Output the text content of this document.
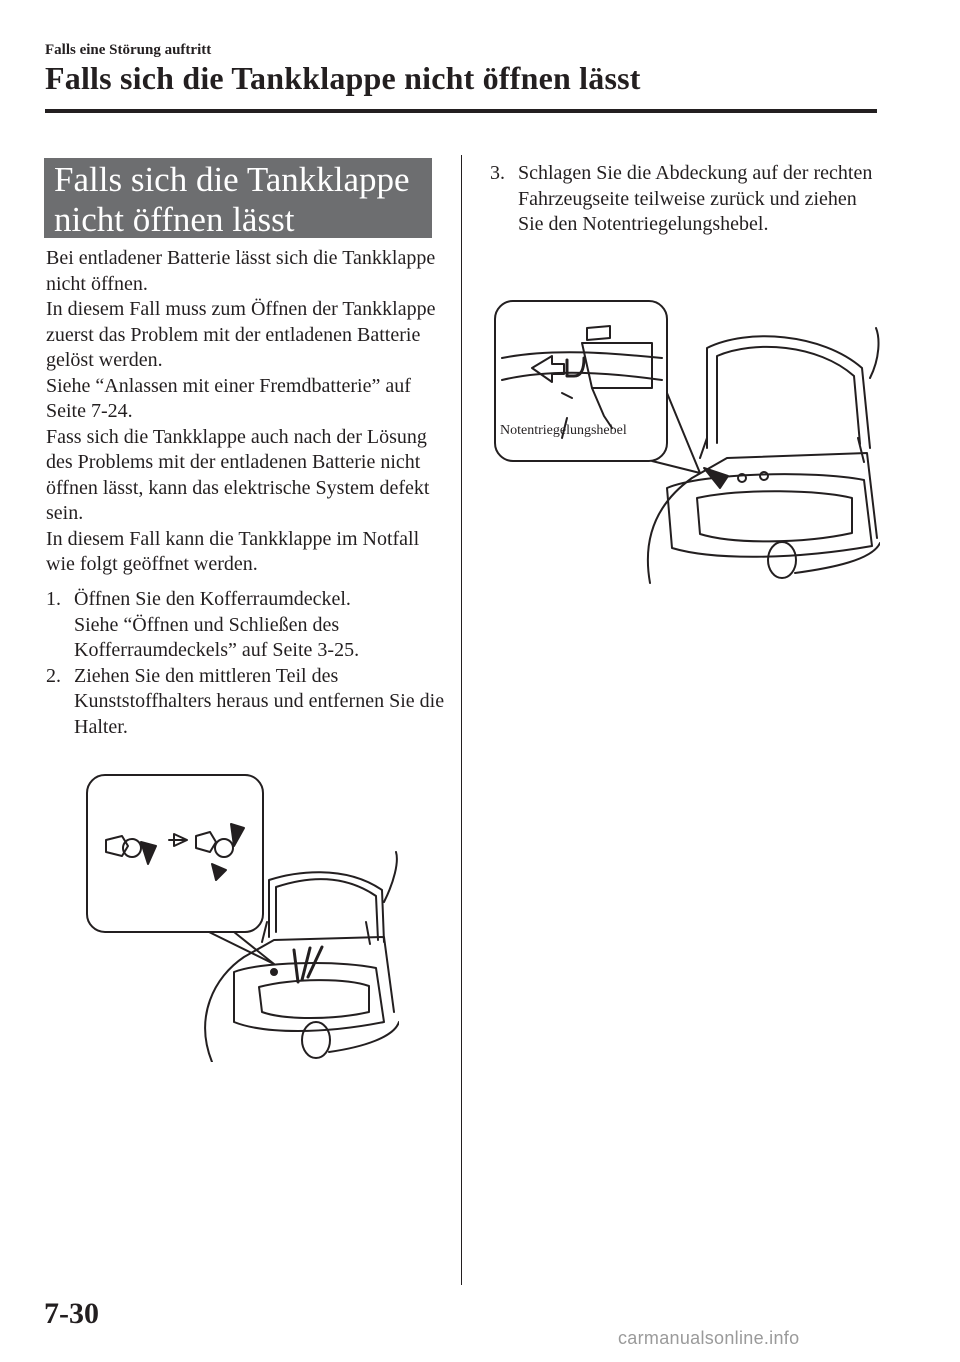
Falls eine Störung auftritt
Falls sich die Tankklappe nicht öffnen lässt
Falls sich die Tankklappe
nicht öffnen lässt

Bei entladener Batterie lässt sich die Tankklappe nicht öffnen.

In diesem Fall muss zum Öffnen der Tankklappe zuerst das Problem mit der entladenen Batterie gelöst werden.

Siehe “Anlassen mit einer Fremdbatterie” auf Seite 7-24.

Fass sich die Tankklappe auch nach der Lösung des Problems mit der entladenen Batterie nicht öffnen lässt, kann das elektrische System defekt sein.

In diesem Fall kann die Tankklappe im Notfall wie folgt geöffnet werden.

1. Öffnen Sie den Kofferraumdeckel.
Siehe “Öffnen und Schließen des Kofferraumdeckels” auf Seite 3-25.
2. Ziehen Sie den mittleren Teil des Kunststoffhalters heraus und entfernen Sie die Halter.
3. Schlagen Sie die Abdeckung auf der rechten Fahrzeugseite teilweise zurück und ziehen Sie den Notentriegelungshebel.
Notentriegelungshebel
7-30
carmanualsonline.info
